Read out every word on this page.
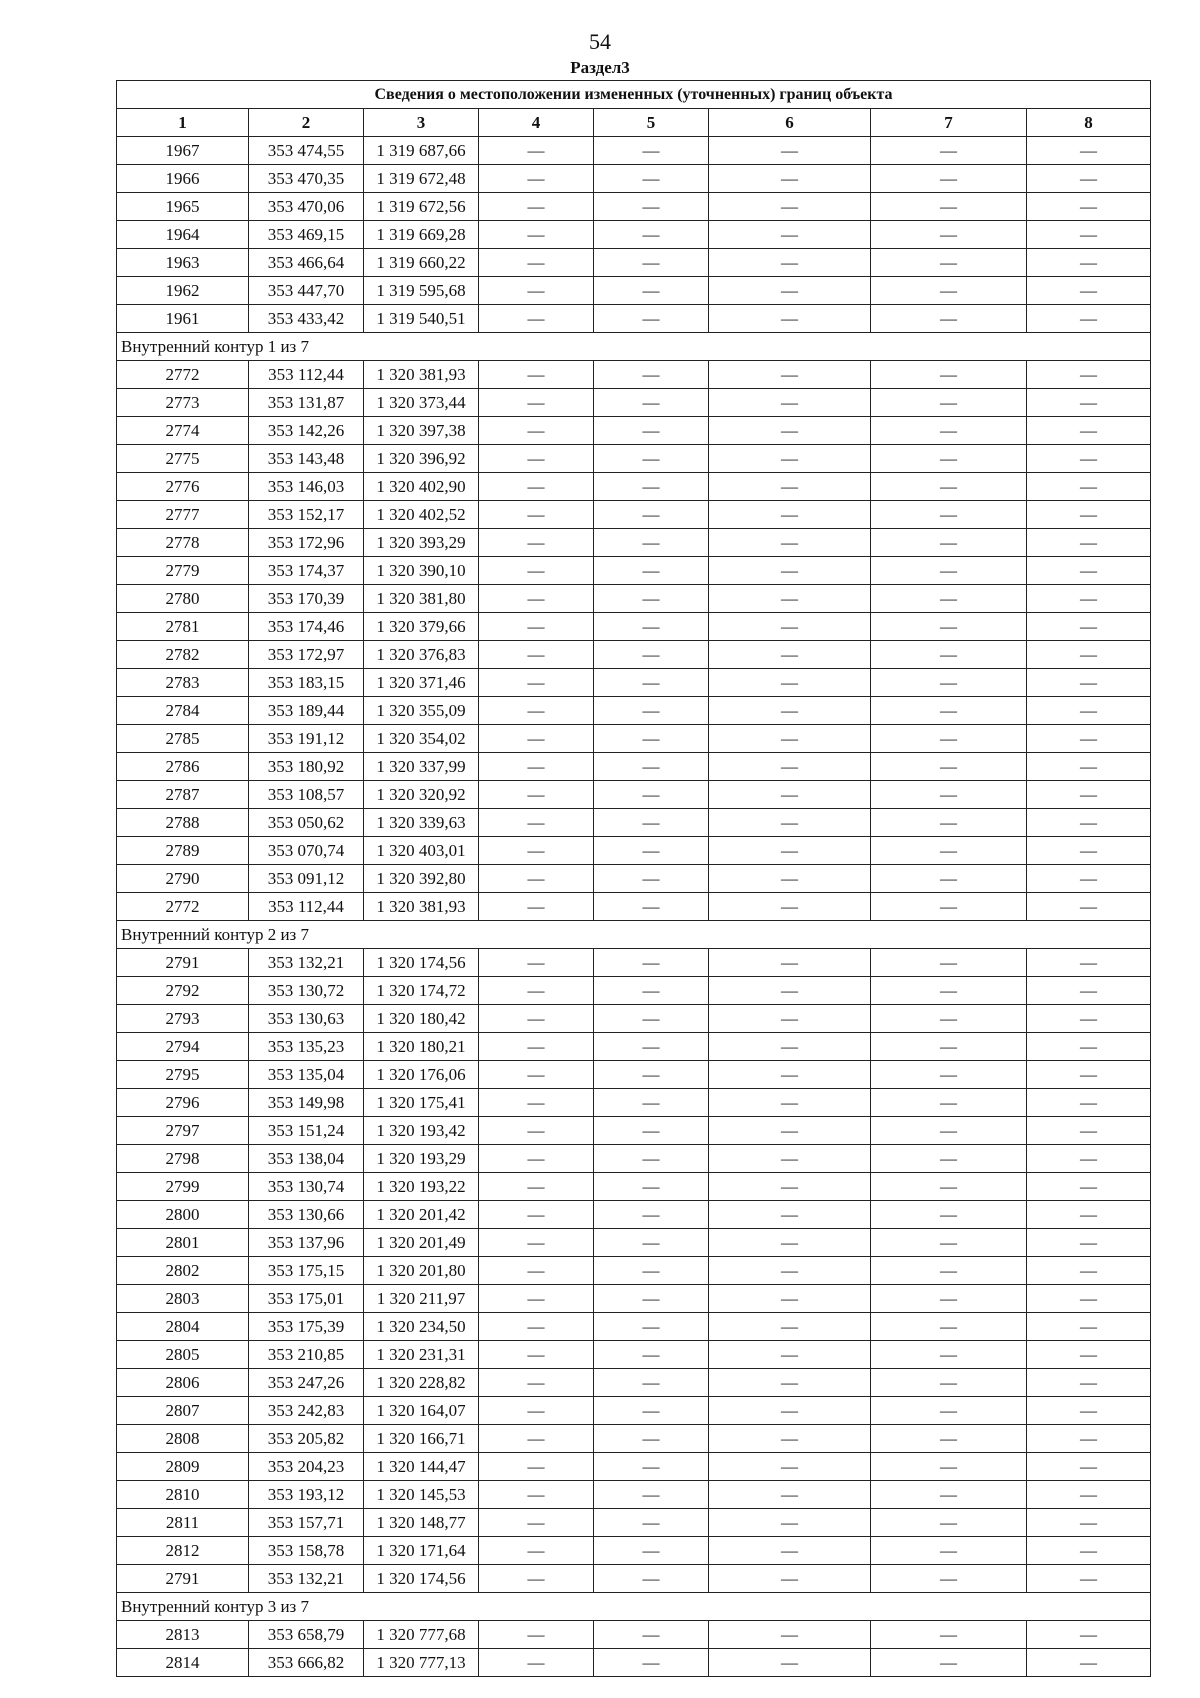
54
Раздел3
Сведения о местоположении измененных (уточненных) границ объекта							
1	2	3	4	5	6	7	8
1967	353 474,55	1 319 687,66	—	—	—	—	—
1966	353 470,35	1 319 672,48	—	—	—	—	—
1965	353 470,06	1 319 672,56	—	—	—	—	—
1964	353 469,15	1 319 669,28	—	—	—	—	—
1963	353 466,64	1 319 660,22	—	—	—	—	—
1962	353 447,70	1 319 595,68	—	—	—	—	—
1961	353 433,42	1 319 540,51	—	—	—	—	—
Внутренний контур 1 из 7							
2772	353 112,44	1 320 381,93	—	—	—	—	—
2773	353 131,87	1 320 373,44	—	—	—	—	—
2774	353 142,26	1 320 397,38	—	—	—	—	—
2775	353 143,48	1 320 396,92	—	—	—	—	—
2776	353 146,03	1 320 402,90	—	—	—	—	—
2777	353 152,17	1 320 402,52	—	—	—	—	—
2778	353 172,96	1 320 393,29	—	—	—	—	—
2779	353 174,37	1 320 390,10	—	—	—	—	—
2780	353 170,39	1 320 381,80	—	—	—	—	—
2781	353 174,46	1 320 379,66	—	—	—	—	—
2782	353 172,97	1 320 376,83	—	—	—	—	—
2783	353 183,15	1 320 371,46	—	—	—	—	—
2784	353 189,44	1 320 355,09	—	—	—	—	—
2785	353 191,12	1 320 354,02	—	—	—	—	—
2786	353 180,92	1 320 337,99	—	—	—	—	—
2787	353 108,57	1 320 320,92	—	—	—	—	—
2788	353 050,62	1 320 339,63	—	—	—	—	—
2789	353 070,74	1 320 403,01	—	—	—	—	—
2790	353 091,12	1 320 392,80	—	—	—	—	—
2772	353 112,44	1 320 381,93	—	—	—	—	—
Внутренний контур 2 из 7							
2791	353 132,21	1 320 174,56	—	—	—	—	—
2792	353 130,72	1 320 174,72	—	—	—	—	—
2793	353 130,63	1 320 180,42	—	—	—	—	—
2794	353 135,23	1 320 180,21	—	—	—	—	—
2795	353 135,04	1 320 176,06	—	—	—	—	—
2796	353 149,98	1 320 175,41	—	—	—	—	—
2797	353 151,24	1 320 193,42	—	—	—	—	—
2798	353 138,04	1 320 193,29	—	—	—	—	—
2799	353 130,74	1 320 193,22	—	—	—	—	—
2800	353 130,66	1 320 201,42	—	—	—	—	—
2801	353 137,96	1 320 201,49	—	—	—	—	—
2802	353 175,15	1 320 201,80	—	—	—	—	—
2803	353 175,01	1 320 211,97	—	—	—	—	—
2804	353 175,39	1 320 234,50	—	—	—	—	—
2805	353 210,85	1 320 231,31	—	—	—	—	—
2806	353 247,26	1 320 228,82	—	—	—	—	—
2807	353 242,83	1 320 164,07	—	—	—	—	—
2808	353 205,82	1 320 166,71	—	—	—	—	—
2809	353 204,23	1 320 144,47	—	—	—	—	—
2810	353 193,12	1 320 145,53	—	—	—	—	—
2811	353 157,71	1 320 148,77	—	—	—	—	—
2812	353 158,78	1 320 171,64	—	—	—	—	—
2791	353 132,21	1 320 174,56	—	—	—	—	—
Внутренний контур 3 из 7							
2813	353 658,79	1 320 777,68	—	—	—	—	—
2814	353 666,82	1 320 777,13	—	—	—	—	—
